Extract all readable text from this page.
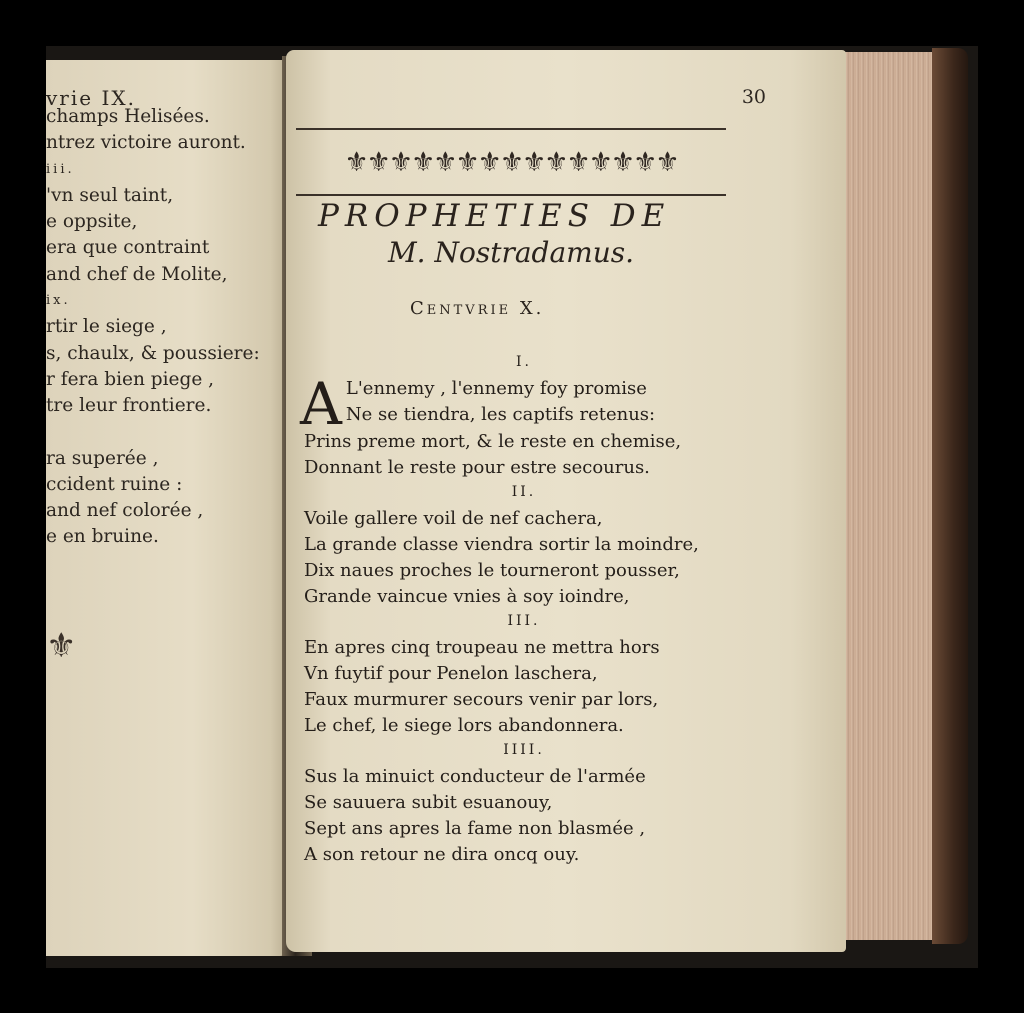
vrie IX.
champs Helisées.
ntrez victoire auront.
iii.
'vn seul taint,
e oppsite,
era que contraint
and chef de Molite,
ix.
rtir le siege ,
s, chaulx, & poussiere:
r fera bien piege ,
tre leur frontiere.
ra superée ,
ccident ruine :
and nef colorée ,
e en bruine.
⚜
30
⚜⚜⚜⚜⚜⚜⚜⚜⚜⚜⚜⚜⚜⚜⚜
PROPHETIES DE
M. Nostradamus.
Centvrie X.
I.
A L'ennemy , l'ennemy foy promise
Ne se tiendra, les captifs retenus:
Prins preme mort, & le reste en chemise,
Donnant le reste pour estre secourus.
II.
Voile gallere voil de nef cachera,
La grande classe viendra sortir la moindre,
Dix naues proches le tourneront pousser,
Grande vaincue vnies à soy ioindre,
III.
En apres cinq troupeau ne mettra hors
Vn fuytif pour Penelon laschera,
Faux murmurer secours venir par lors,
Le chef, le siege lors abandonnera.
IIII.
Sus la minuict conducteur de l'armée
Se sauuera subit esuanouy,
Sept ans apres la fame non blasmée ,
A son retour ne dira oncq ouy.
